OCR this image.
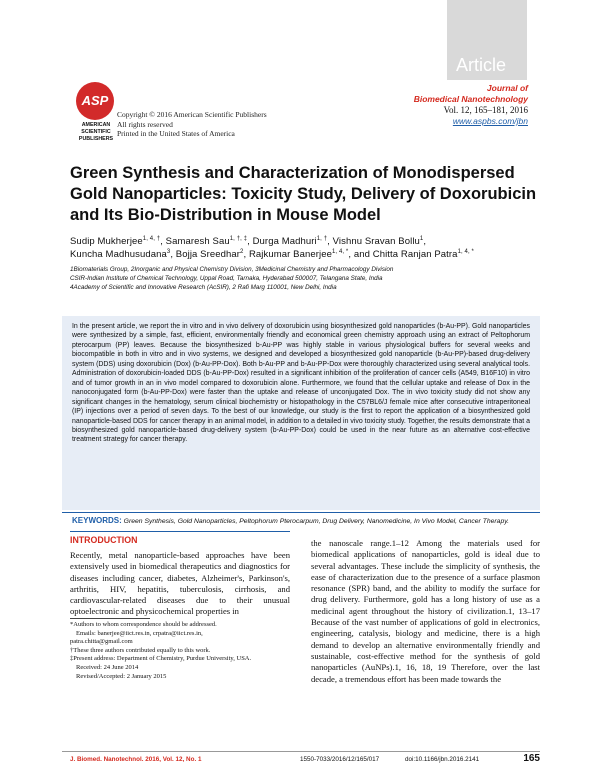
Article
ASP
AMERICAN
SCIENTIFIC
PUBLISHERS
Copyright © 2016 American Scientific Publishers
All rights reserved
Printed in the United States of America
Journal of
Biomedical Nanotechnology
Vol. 12, 165–181, 2016
www.aspbs.com/jbn
Green Synthesis and Characterization of Monodispersed Gold Nanoparticles: Toxicity Study, Delivery of Doxorubicin and Its Bio-Distribution in Mouse Model
Sudip Mukherjee$^{1, 4, \dagger}$, Samaresh Sau$^{1, \dagger, \ddagger}$, Durga Madhuri$^{1, \dagger}$, Vishnu Sravan Bollu$^1$,
Kuncha Madhusudana$^3$, Bojja Sreedhar$^2$, Rajkumar Banerjee$^{1, 4, *}$, and Chitta Ranjan Patra$^{1, 4, *}$
1Biomaterials Group, 2Inorganic and Physical Chemistry Division, 3Medicinal Chemistry and Pharmacology Division
CSIR-Indian Institute of Chemical Technology, Uppal Road, Tarnaka, Hyderabad 500007, Telangana State, India
4Academy of Scientific and Innovative Research (AcSIR), 2 Rafi Marg 110001, New Delhi, India
In the present article, we report the in vitro and in vivo delivery of doxorubicin using biosynthesized gold nanoparticles (b-Au-PP). Gold nanoparticles were synthesized by a simple, fast, efficient, environmentally friendly and economical green chemistry approach using an extract of Peltophorum pterocarpum (PP) leaves. Because the biosynthesized b-Au-PP was highly stable in various physiological buffers for several weeks and biocompatible in both in vitro and in vivo systems, we designed and developed a biosynthesized gold nanoparticle (b-Au-PP)-based drug-delivery system (DDS) using doxorubicin (Dox) (b-Au-PP-Dox). Both b-Au-PP and b-Au-PP-Dox were thoroughly characterized using several analytical tools. Administration of doxorubicin-loaded DDS (b-Au-PP-Dox) resulted in a significant inhibition of the proliferation of cancer cells (A549, B16F10) in vitro and of tumor growth in an in vivo model compared to doxorubicin alone. Furthermore, we found that the cellular uptake and release of Dox in the nanoconjugated form (b-Au-PP-Dox) were faster than the uptake and release of unconjugated Dox. The in vivo toxicity study did not show any significant changes in the hematology, serum clinical biochemistry or histopathology in the C57BL6/J female mice after consecutive intraperitoneal (IP) injections over a period of seven days. To the best of our knowledge, our study is the first to report the application of a biosynthesized gold nanoparticle-based DDS for cancer therapy in an animal model, in addition to a detailed in vivo toxicity study. Together, the results demonstrate that a biosynthesized gold nanoparticle-based drug-delivery system (b-Au-PP-Dox) could be used in the near future as an alternative cost-effective treatment strategy for cancer therapy.
KEYWORDS: Green Synthesis, Gold Nanoparticles, Peltophorum Pterocarpum, Drug Delivery, Nanomedicine, In Vivo Model, Cancer Therapy.
INTRODUCTION
Recently, metal nanoparticle-based approaches have been extensively used in biomedical therapeutics and diagnostics for diseases including cancer, diabetes, Alzheimer's, Parkinson's, arthritis, HIV, hepatitis, tuberculosis, cirrhosis, and cardiovascular-related diseases due to their unusual optoelectronic and physicochemical properties in
the nanoscale range.1–12 Among the materials used for biomedical applications of nanoparticles, gold is ideal due to several advantages. These include the simplicity of synthesis, the ease of characterization due to the presence of a surface plasmon resonance (SPR) band, and the ability to modify the surface for drug delivery. Furthermore, gold has a long history of use as a medicinal agent throughout the history of civilization.1, 13–17 Because of the vast number of applications of gold in electronics, engineering, catalysis, biology and medicine, there is a high demand to develop an alternative environmentally friendly and sustainable, cost-effective method for the synthesis of gold nanoparticles (AuNPs).1, 16, 18, 19 Therefore, over the last decade, a tremendous effort has been made towards the
*Authors to whom correspondence should be addressed.
Emails: banerjee@iict.res.in, crpatra@iict.res.in,
patra.chitta@gmail.com
†These three authors contributed equally to this work.
‡Present address: Department of Chemistry, Purdue University, USA.
Received: 24 June 2014
Revised/Accepted: 2 January 2015
J. Biomed. Nanotechnol. 2016, Vol. 12, No. 1	1550-7033/2016/12/165/017	doi:10.1166/jbn.2016.2141	165
